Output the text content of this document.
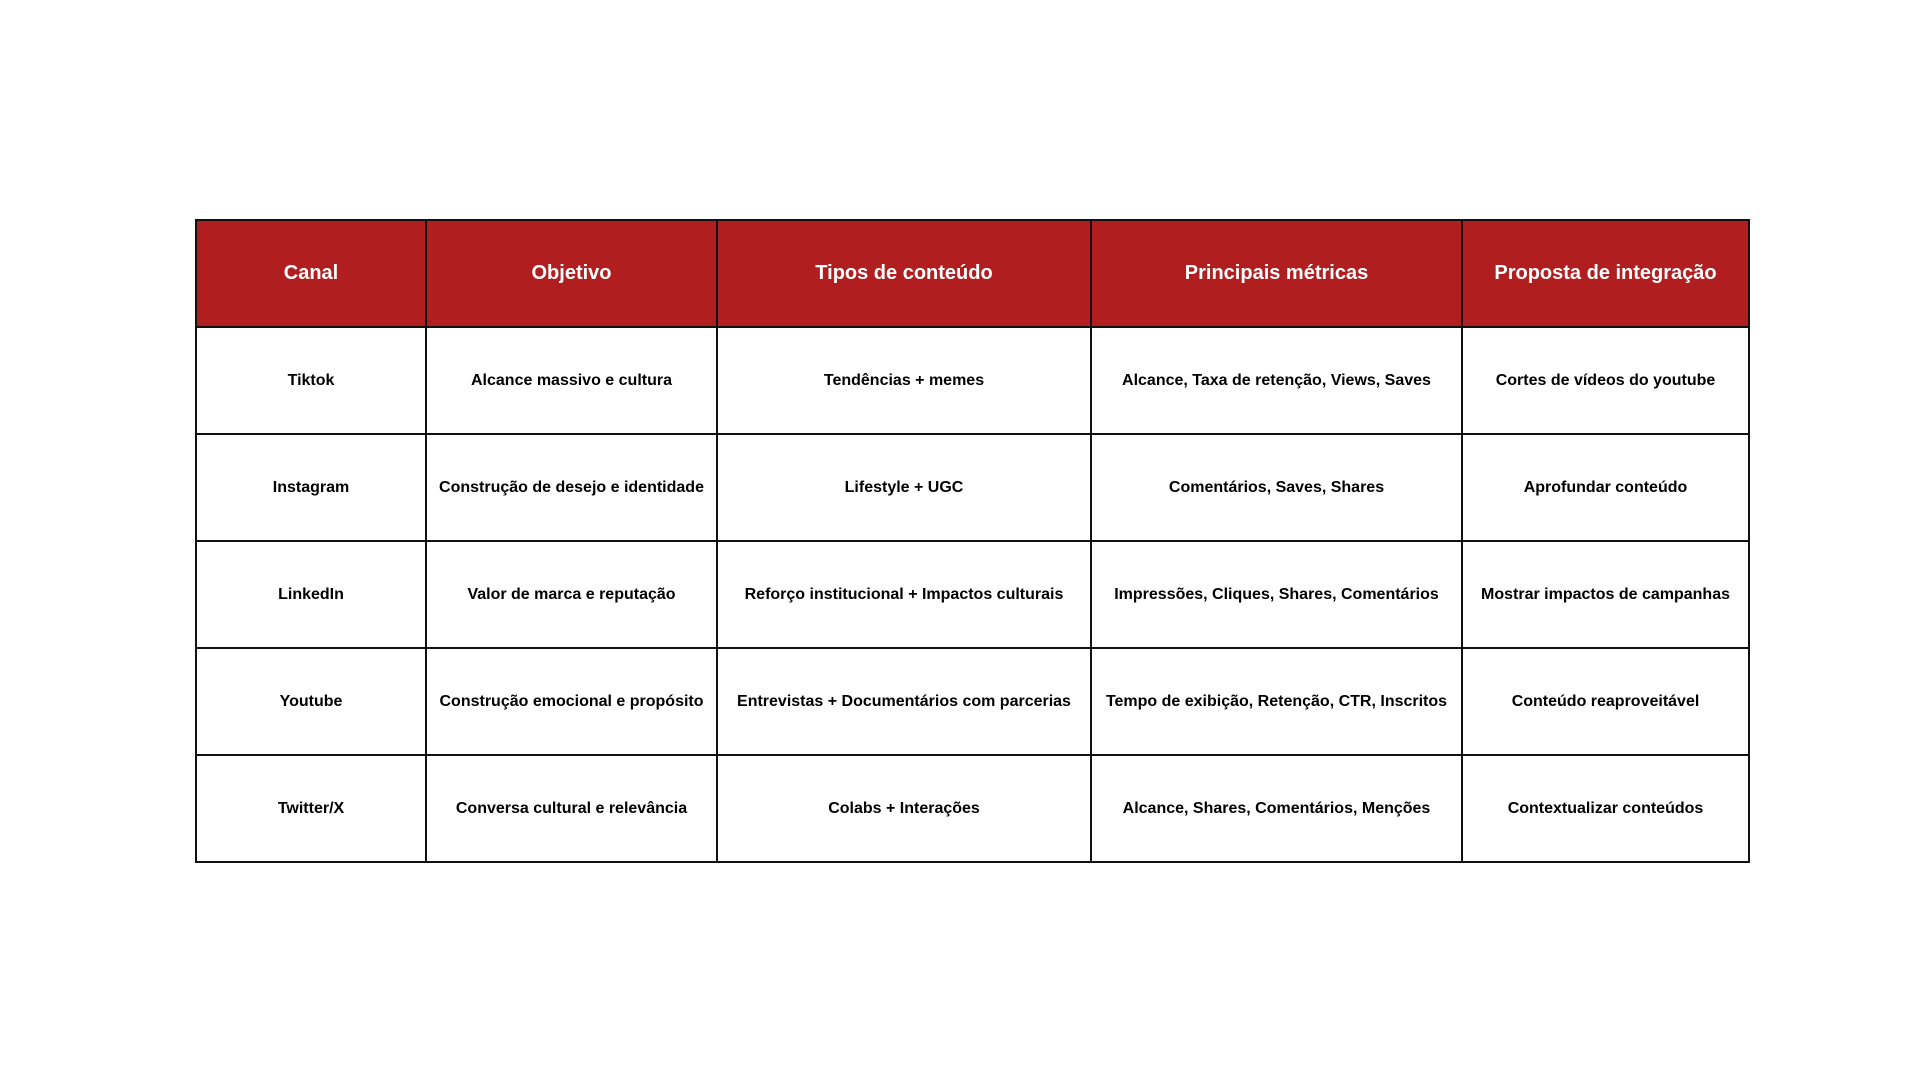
Canal	Objetivo	Tipos de conteúdo	Principais métricas	Proposta de integração
Tiktok	Alcance massivo e cultura	Tendências + memes	Alcance, Taxa de retenção, Views, Saves	Cortes de vídeos do youtube
Instagram	Construção de desejo e identidade	Lifestyle + UGC	Comentários, Saves, Shares	Aprofundar conteúdo
LinkedIn	Valor de marca e reputação	Reforço institucional + Impactos culturais	Impressões, Cliques, Shares, Comentários	Mostrar impactos de campanhas
Youtube	Construção emocional e propósito	Entrevistas + Documentários com parcerias	Tempo de exibição, Retenção, CTR, Inscritos	Conteúdo reaproveitável
Twitter/X	Conversa cultural e relevância	Colabs + Interações	Alcance, Shares, Comentários, Menções	Contextualizar conteúdos
